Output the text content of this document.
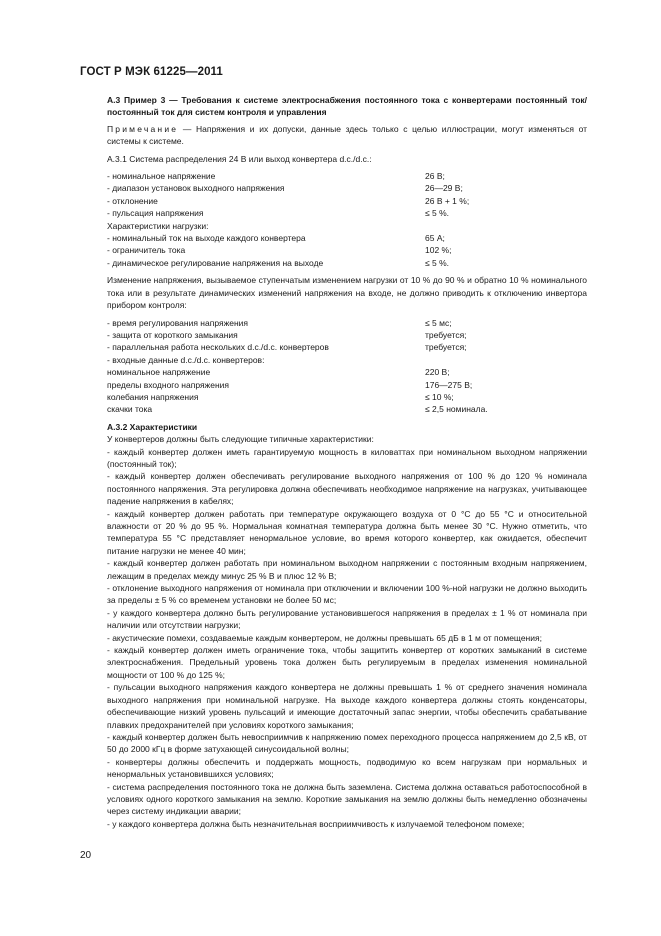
ГОСТ Р МЭК 61225—2011

А.3 Пример 3 — Требования к системе электроснабжения постоянного тока с конвертерами постоянный ток/постоянный ток для систем контроля и управления

Примечание — Напряжения и их допуски, данные здесь только с целью иллюстрации, могут изменяться от системы к системе.

А.3.1 Система распределения 24 В или выход конвертера d.c./d.c.:

- номинальное напряжение	26 В;
- диапазон установок выходного напряжения	26—29 В;
- отклонение	26 В + 1 %;
- пульсация напряжения	≤ 5 %.
Характеристики нагрузки:
- номинальный ток на выходе каждого конвертера	65 А;
- ограничитель тока	102 %;
- динамическое регулирование напряжения на выходе	≤ 5 %.

Изменение напряжения, вызываемое ступенчатым изменением нагрузки от 10 % до 90 % и обратно 10 % номинального тока или в результате динамических изменений напряжения на входе, не должно приводить к отключению инвертора прибором контроля:

- время регулирования напряжения	≤ 5 мс;
- защита от короткого замыкания	требуется;
- параллельная работа нескольких d.c./d.c. конвертеров	требуется;
- входные данные d.c./d.c. конвертеров:
номинальное напряжение	220 В;
пределы входного напряжения	176—275 В;
колебания напряжения	≤ 10 %;
скачки тока	≤ 2,5 номинала.

А.3.2 Характеристики

У конвертеров должны быть следующие типичные характеристики:

- каждый конвертер должен иметь гарантируемую мощность в киловаттах при номинальном выходном напряжении (постоянный ток);

- каждый конвертер должен обеспечивать регулирование выходного напряжения от 100 % до 120 % номинала постоянного напряжения. Эта регулировка должна обеспечивать необходимое напряжение на нагрузках, учитывающее падение напряжения в кабелях;

- каждый конвертер должен работать при температуре окружающего воздуха от 0 °С до 55 °С и относительной влажности от 20 % до 95 %. Нормальная комнатная температура должна быть менее 30 °С. Нужно отметить, что температура 55 °С представляет ненормальное условие, во время которого конвертер, как ожидается, обеспечит питание нагрузки не менее 40 мин;

- каждый конвертер должен работать при номинальном выходном напряжении с постоянным входным напряжением, лежащим в пределах между минус 25 % В и плюс 12 % В;

- отклонение выходного напряжения от номинала при отключении и включении 100 %-ной нагрузки не должно выходить за пределы ± 5 % со временем установки не более 50 мс;

- у каждого конвертера должно быть регулирование установившегося напряжения в пределах ± 1 % от номинала при наличии или отсутствии нагрузки;

- акустические помехи, создаваемые каждым конвертером, не должны превышать 65 дБ в 1 м от помещения;

- каждый конвертер должен иметь ограничение тока, чтобы защитить конвертер от коротких замыканий в системе электроснабжения. Предельный уровень тока должен быть регулируемым в пределах изменения номинальной мощности от 100 % до 125 %;

- пульсации выходного напряжения каждого конвертера не должны превышать 1 % от среднего значения номинала выходного напряжения при номинальной нагрузке. На выходе каждого конвертера должны стоять конденсаторы, обеспечивающие низкий уровень пульсаций и имеющие достаточный запас энергии, чтобы обеспечить срабатывание плавких предохранителей при условиях короткого замыкания;

- каждый конвертер должен быть невосприимчив к напряжению помех переходного процесса напряжением до 2,5 кВ, от 50 до 2000 кГц в форме затухающей синусоидальной волны;

- конвертеры должны обеспечить и поддержать мощность, подводимую ко всем нагрузкам при нормальных и ненормальных установившихся условиях;

- система распределения постоянного тока не должна быть заземлена. Система должна оставаться работоспособной в условиях одного короткого замыкания на землю. Короткие замыкания на землю должны быть немедленно обозначены через систему индикации аварии;

- у каждого конвертера должна быть незначительная восприимчивость к излучаемой телефоном помехе;

20
